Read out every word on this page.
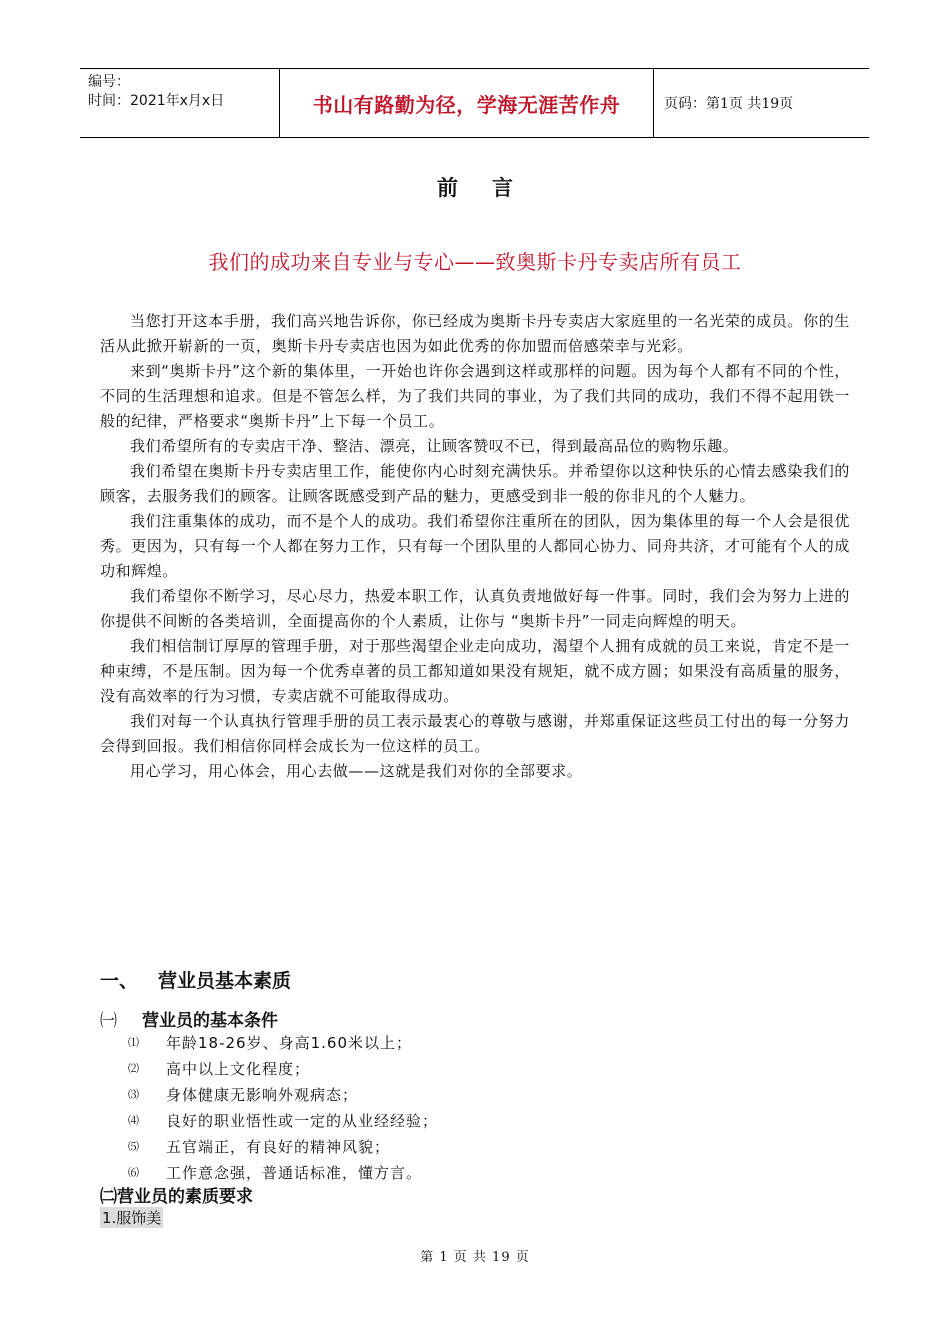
编号：
时间：2021年x月x日	书山有路勤为径，学海无涯苦作舟	页码：第1页 共19页
前言
我们的成功来自专业与专心——致奥斯卡丹专卖店所有员工

当您打开这本手册，我们高兴地告诉你，你已经成为奥斯卡丹专卖店大家庭里的一名光荣的成员。你的生活从此掀开崭新的一页，奥斯卡丹专卖店也因为如此优秀的你加盟而倍感荣幸与光彩。

来到“奥斯卡丹”这个新的集体里，一开始也许你会遇到这样或那样的问题。因为每个人都有不同的个性，不同的生活理想和追求。但是不管怎么样，为了我们共同的事业，为了我们共同的成功，我们不得不起用铁一般的纪律，严格要求“奥斯卡丹”上下每一个员工。

我们希望所有的专卖店干净、整洁、漂亮，让顾客赞叹不已，得到最高品位的购物乐趣。

我们希望在奥斯卡丹专卖店里工作，能使你内心时刻充满快乐。并希望你以这种快乐的心情去感染我们的顾客，去服务我们的顾客。让顾客既感受到产品的魅力，更感受到非一般的你非凡的个人魅力。

我们注重集体的成功，而不是个人的成功。我们希望你注重所在的团队，因为集体里的每一个人会是很优秀。更因为，只有每一个人都在努力工作，只有每一个团队里的人都同心协力、同舟共济，才可能有个人的成功和辉煌。

我们希望你不断学习，尽心尽力，热爱本职工作，认真负责地做好每一件事。同时，我们会为努力上进的你提供不间断的各类培训，全面提高你的个人素质，让你与 “奥斯卡丹”一同走向辉煌的明天。

我们相信制订厚厚的管理手册，对于那些渴望企业走向成功，渴望个人拥有成就的员工来说，肯定不是一种束缚，不是压制。因为每一个优秀卓著的员工都知道如果没有规矩，就不成方圆；如果没有高质量的服务，没有高效率的行为习惯，专卖店就不可能取得成功。

我们对每一个认真执行管理手册的员工表示最衷心的尊敬与感谢，并郑重保证这些员工付出的每一分努力会得到回报。我们相信你同样会成长为一位这样的员工。

用心学习，用心体会，用心去做——这就是我们对你的全部要求。

一、 营业员基本素质
㈠ 营业员的基本条件
⑴	年龄18-26岁、身高1.60米以上；
⑵	高中以上文化程度；
⑶	身体健康无影响外观病态；
⑷	良好的职业悟性或一定的从业经经验；
⑸	五官端正，有良好的精神风貌；
⑹	工作意念强，普通话标准，懂方言。
㈡营业员的素质要求
1.服饰美
第 1 页 共 19 页
